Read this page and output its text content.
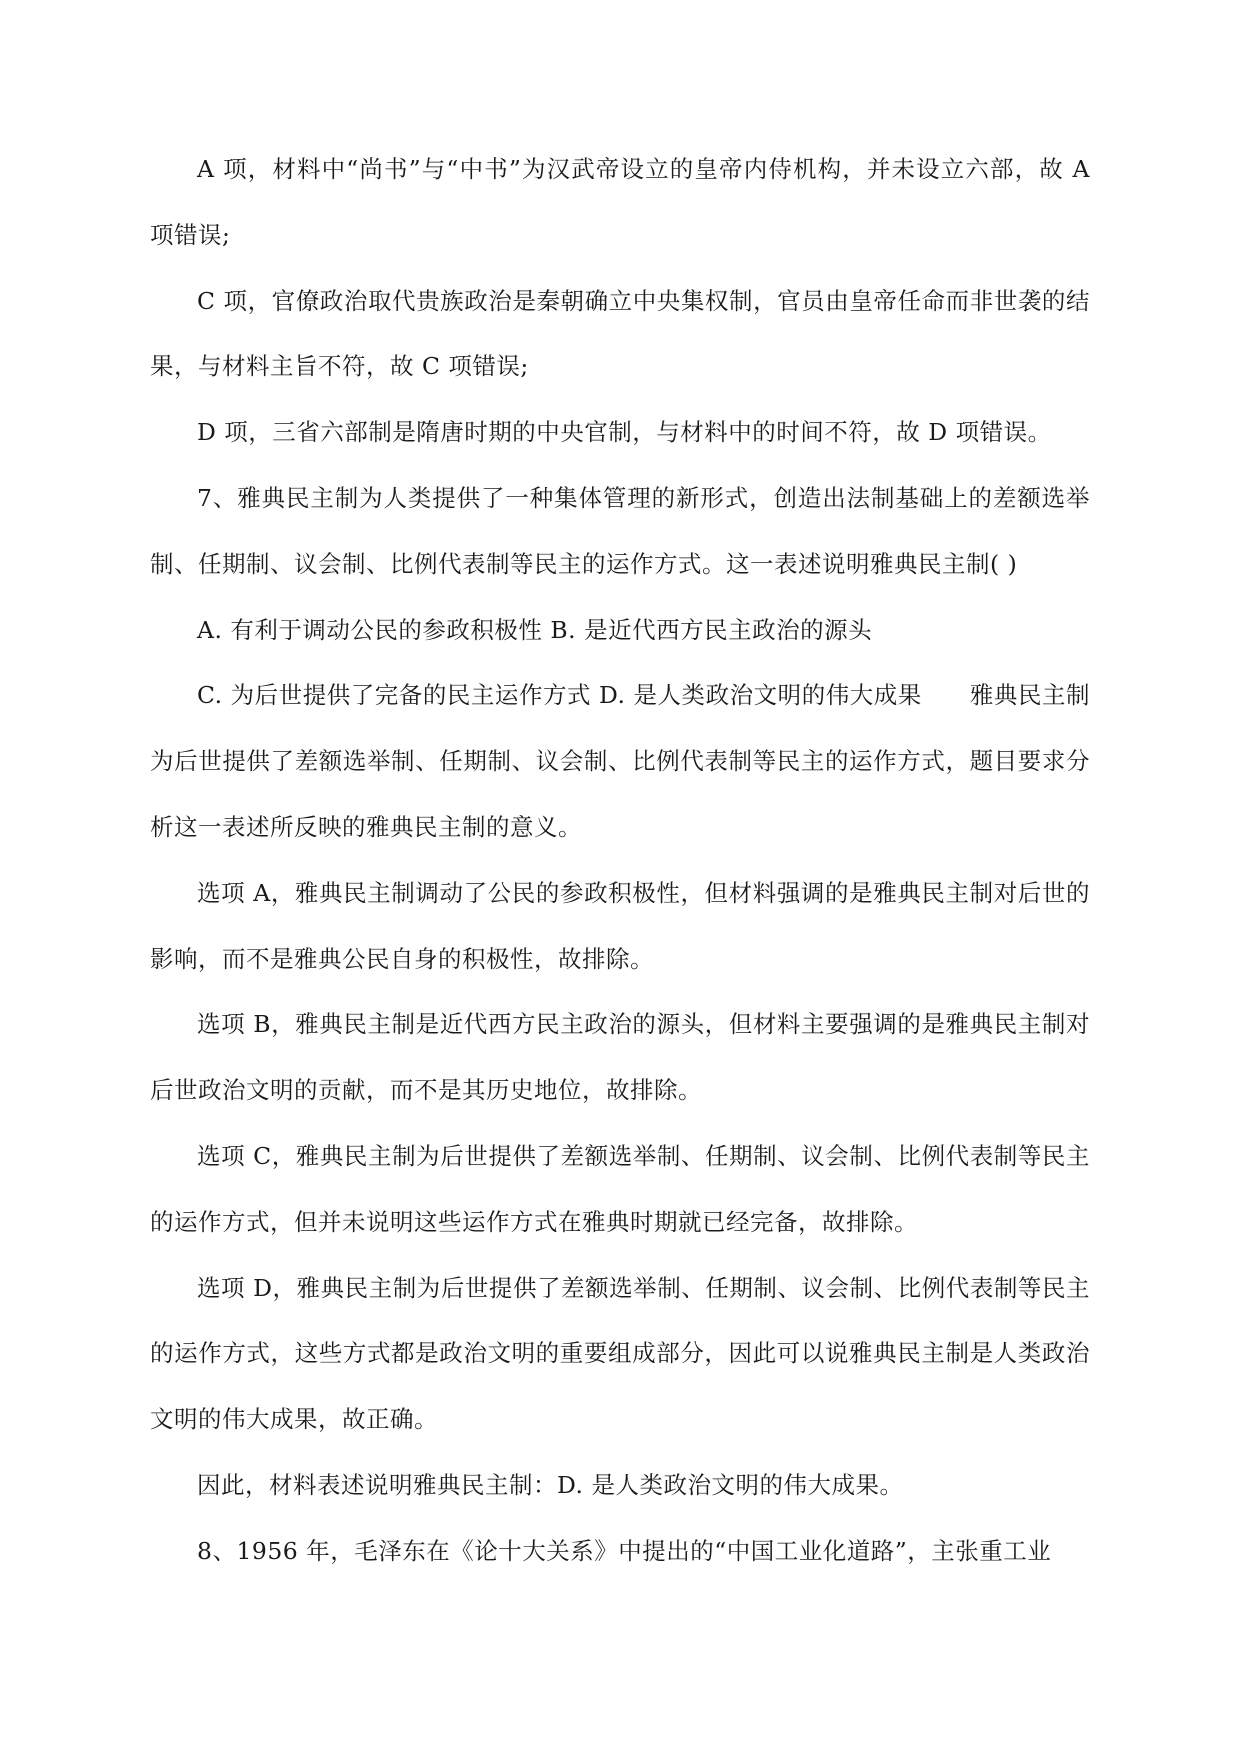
A 项，材料中“尚书”与“中书”为汉武帝设立的皇帝内侍机构，并未设立六部，故 A 项错误;

C 项，官僚政治取代贵族政治是秦朝确立中央集权制，官员由皇帝任命而非世袭的结果，与材料主旨不符，故 C 项错误;

D 项，三省六部制是隋唐时期的中央官制，与材料中的时间不符，故 D 项错误。

7、雅典民主制为人类提供了一种集体管理的新形式，创造出法制基础上的差额选举制、任期制、议会制、比例代表制等民主的运作方式。这一表述说明雅典民主制( )

A. 有利于调动公民的参政积极性 B. 是近代西方民主政治的源头

C. 为后世提供了完备的民主运作方式 D. 是人类政治文明的伟大成果　　雅典民主制为后世提供了差额选举制、任期制、议会制、比例代表制等民主的运作方式，题目要求分析这一表述所反映的雅典民主制的意义。

选项 A，雅典民主制调动了公民的参政积极性，但材料强调的是雅典民主制对后世的影响，而不是雅典公民自身的积极性，故排除。

选项 B，雅典民主制是近代西方民主政治的源头，但材料主要强调的是雅典民主制对后世政治文明的贡献，而不是其历史地位，故排除。

选项 C，雅典民主制为后世提供了差额选举制、任期制、议会制、比例代表制等民主的运作方式，但并未说明这些运作方式在雅典时期就已经完备，故排除。

选项 D，雅典民主制为后世提供了差额选举制、任期制、议会制、比例代表制等民主的运作方式，这些方式都是政治文明的重要组成部分，因此可以说雅典民主制是人类政治文明的伟大成果，故正确。

因此，材料表述说明雅典民主制：D. 是人类政治文明的伟大成果。

8、1956 年，毛泽东在《论十大关系》中提出的“中国工业化道路”，主张重工业
